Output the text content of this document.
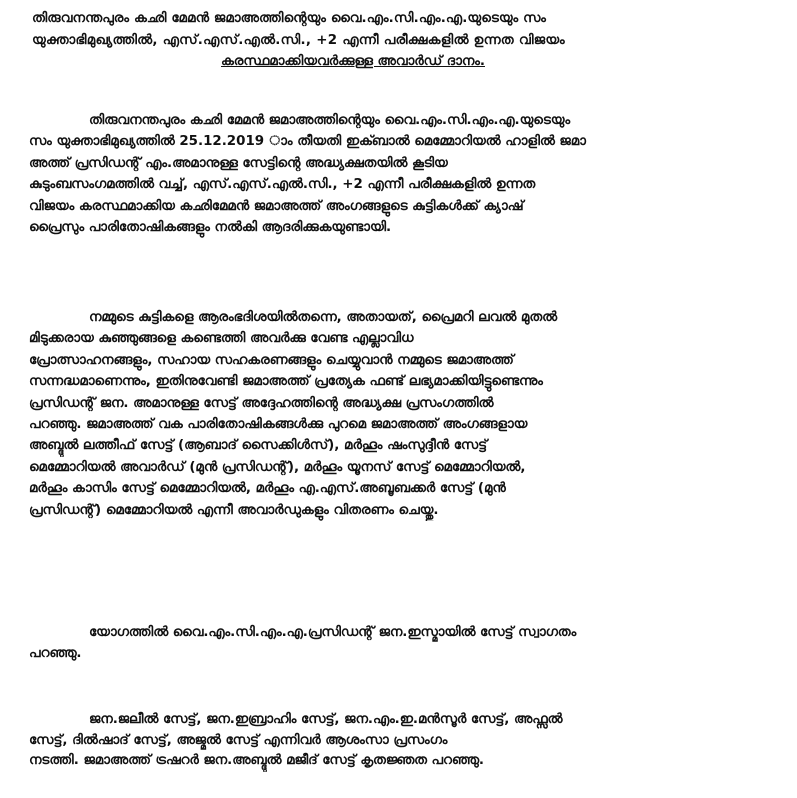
തിരുവനന്തപുരം കഛി മേമൻ ജമാഅത്തിന്റെയും വൈ.എം.സി.എം.എ.യുടെയും സം
യുക്താഭിമുഖ്യത്തിൽ, എസ്.എസ്.എൽ.സി., +2 എന്നീ പരീക്ഷകളിൽ ഉന്നത വിജയം
കരസ്ഥമാക്കിയവർക്കുള്ള അവാർഡ് ദാനം.
തിരുവനന്തപുരം കഛി മേമൻ ജമാഅത്തിന്റെയും വൈ.എം.സി.എം.എ.യുടെയും
സം യുക്താഭിമുഖ്യത്തിൽ 25.12.2019 ാം തീയതി ഇക്ബാൽ മെമ്മോറിയൽ ഹാളിൽ ജമാ
അത്ത് പ്രസിഡന്റ് എം.അമാനുള്ള സേട്ടിന്റെ അദ്ധ്യക്ഷതയിൽ കൂടിയ
കുടുംബസംഗമത്തിൽ വച്ച്, എസ്.എസ്.എൽ.സി., +2 എന്നീ പരീക്ഷകളിൽ ഉന്നത
വിജയം കരസ്ഥമാക്കിയ കഛിമേമൻ ജമാഅത്ത് അംഗങ്ങളുടെ കുട്ടികൾക്ക് ക്യാഷ്
പ്രൈസും പാരിതോഷികങ്ങളും നൽകി ആദരിക്കുകയുണ്ടായി.
നമ്മുടെ കുട്ടികളെ ആരംഭദിശയിൽതന്നെ, അതായത്, പ്രൈമറി ലവൽ മുതൽ
മിടുക്കരായ കുഞ്ഞുങ്ങളെ കണ്ടെത്തി അവർക്കു വേണ്ട എല്ലാവിധ
പ്രോത്സാഹനങ്ങളും, സഹായ സഹകരണങ്ങളും ചെയ്യുവാൻ നമ്മുടെ ജമാഅത്ത്
സന്നദ്ധമാണെന്നും, ഇതിനുവേണ്ടി ജമാഅത്ത് പ്രത്യേക ഫണ്ട് ലഭ്യമാക്കിയിട്ടുണ്ടെന്നും
പ്രസിഡന്റ് ജന. അമാനുള്ള സേട്ട് അദ്ദേഹത്തിന്റെ അദ്ധ്യക്ഷ പ്രസംഗത്തിൽ
പറഞ്ഞു. ജമാഅത്ത് വക പാരിതോഷികങ്ങൾക്കു പുറമെ ജമാഅത്ത് അംഗങ്ങളായ
അബ്ദുൽ ലത്തീഫ് സേട്ട് (ആബാദ് സൈക്കിൾസ്), മർഹൂം ഷംസുദ്ദീൻ സേട്ട്
മെമ്മോറിയൽ അവാർഡ് (മുൻ പ്രസിഡന്റ്), മർഹൂം യൂനസ് സേട്ട് മെമ്മോറിയൽ,
മർഹൂം കാസിം സേട്ട് മെമ്മോറിയൽ, മർഹൂം എ.എസ്.അബൂബക്കർ സേട്ട് (മുൻ
പ്രസിഡന്റ്) മെമ്മോറിയൽ എന്നീ അവാർഡുകളും വിതരണം ചെയ്തു.
യോഗത്തിൽ വൈ.എം.സി.എം.എ.പ്രസിഡന്റ് ജന.ഇസ്മായിൽ സേട്ട് സ്വാഗതം
പറഞ്ഞു.
ജന.ജലീൽ സേട്ട്, ജന.ഇബ്രാഹിം സേട്ട്, ജന.എം.ഇ.മൻസൂർ സേട്ട്, അഫ്സൽ
സേട്ട്, ദിൽഷാദ് സേട്ട്, അജ്മൽ സേട്ട് എന്നിവർ ആശംസാ പ്രസംഗം
നടത്തി. ജമാഅത്ത് ട്രഷറർ ജന.അബ്ദുൽ മജീദ് സേട്ട് കൃതജ്ഞത പറഞ്ഞു.
